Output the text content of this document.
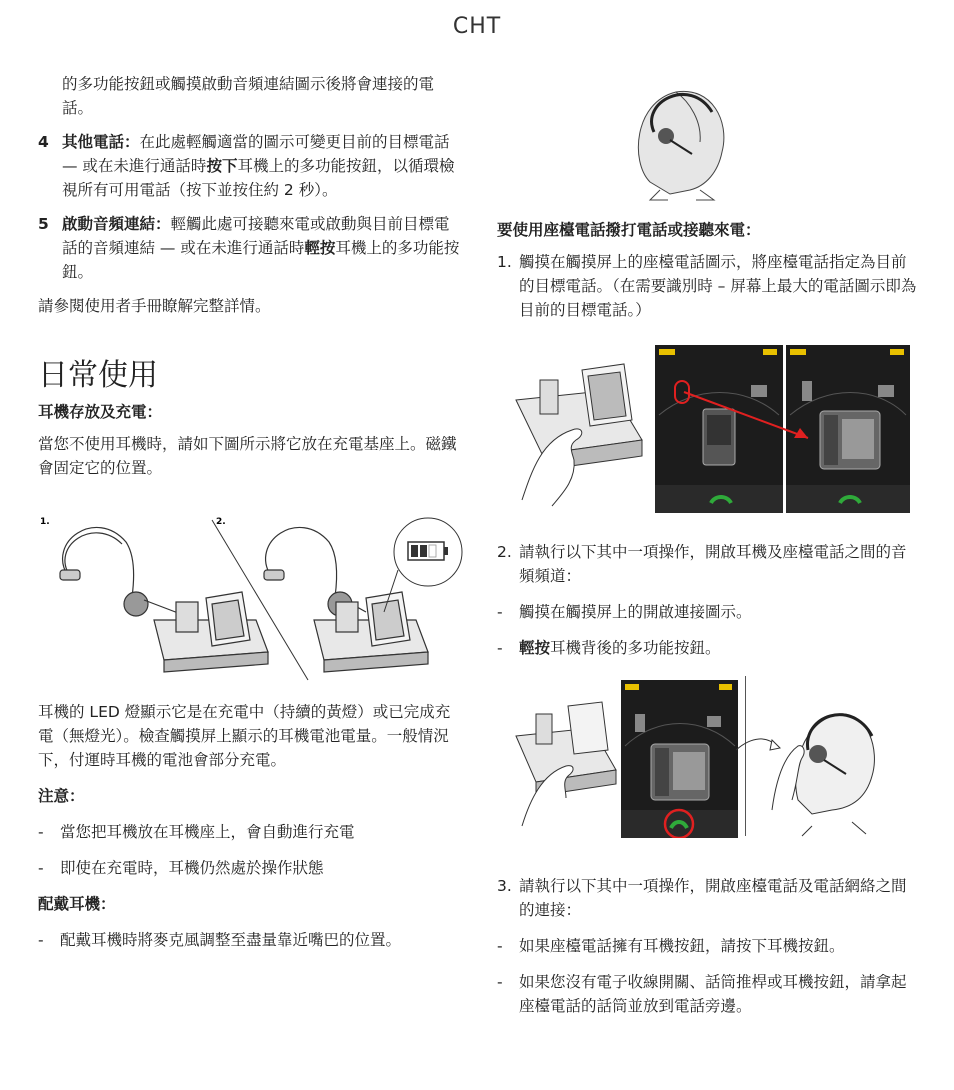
CHT

的多功能按鈕或觸摸啟動音頻連結圖示後將會連接的電話。

4 其他電話：在此處輕觸適當的圖示可變更目前的目標電話 — 或在未進行通話時按下耳機上的多功能按鈕，以循環檢視所有可用電話（按下並按住約 2 秒）。
5 啟動音頻連結：輕觸此處可接聽來電或啟動與目前目標電話的音頻連結 — 或在未進行通話時輕按耳機上的多功能按鈕。

請參閱使用者手冊瞭解完整詳情。

日常使用
耳機存放及充電：

當您不使用耳機時，請如下圖所示將它放在充電基座上。磁鐵會固定它的位置。

耳機的 LED 燈顯示它是在充電中（持續的黃燈）或已完成充電（無燈光）。檢查觸摸屏上顯示的耳機電池電量。一般情況下，付運時耳機的電池會部分充電。

注意：
- 當您把耳機放在耳機座上，會自動進行充電
- 即使在充電時，耳機仍然處於操作狀態
配戴耳機：
- 配戴耳機時將麥克風調整至盡量靠近嘴巴的位置。
1.	2.
要使用座檯電話撥打電話或接聽來電：
1. 觸摸在觸摸屏上的座檯電話圖示，將座檯電話指定為目前的目標電話。（在需要識別時 – 屏幕上最大的電話圖示即為目前的目標電話。）
2. 請執行以下其中一項操作，開啟耳機及座檯電話之間的音頻頻道：
- 觸摸在觸摸屏上的開啟連接圖示。
- 輕按耳機背後的多功能按鈕。
3. 請執行以下其中一項操作，開啟座檯電話及電話網絡之間的連接：
- 如果座檯電話擁有耳機按鈕，請按下耳機按鈕。
- 如果您沒有電子收線開關、話筒推桿或耳機按鈕，請拿起座檯電話的話筒並放到電話旁邊。
